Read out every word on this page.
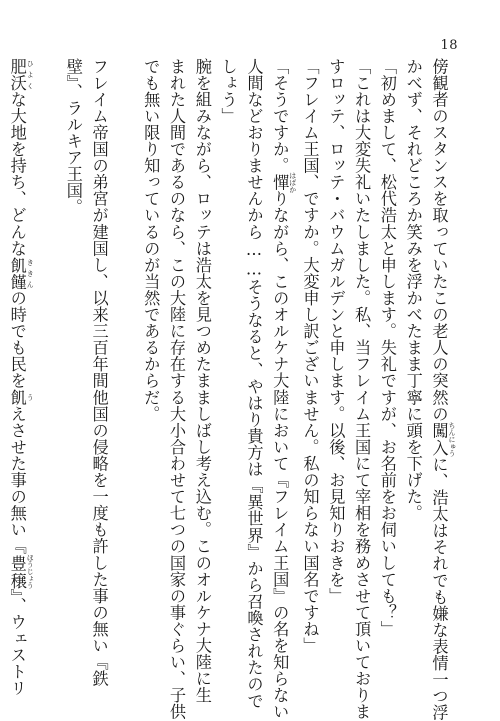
18
傍観者のスタンスを取っていたこの老人の突然の闖入 ちんにゅうに、浩太はそれでも嫌な表情一つ浮
かべず、それどころか笑みを浮かべたまま丁寧に頭を下げた。
「初めまして、松代浩太と申します。失礼ですが、お名前をお伺いしても？」
「これは大変失礼いたしました。私、当フレイム王国にて宰相を務めさせて頂いておりま
すロッテ、ロッテ・バウムガルデンと申します。以後、お見知りおきを」
「フレイム王国、ですか。大変申し訳ございません。私の知らない国名ですね」
「そうですか。憚 はばかりながら、このオルケナ大陸において『フレイム王国』の名を知らない
人間などおりませんから……そうなると、やはり貴方は『異世界』から召喚されたので
しょう」
腕を組みながら、ロッテは浩太を見つめたまましばし考え込む。このオルケナ大陸に生
まれた人間であるのなら、この大陸に存在する大小合わせて七つの国家の事ぐらい、子供
でも無い限り知っているのが当然であるからだ。
フレイム帝国の弟宮が建国し、以来三百年間他国の侵略を一度も許した事の無い『鉄
壁』、ラルキア王国。
肥沃 ひよくな大地を持ち、どんな飢饉 ききんの時でも民を飢 うえさせた事の無い『豊穣 ほうじょう』、ウェストリ
